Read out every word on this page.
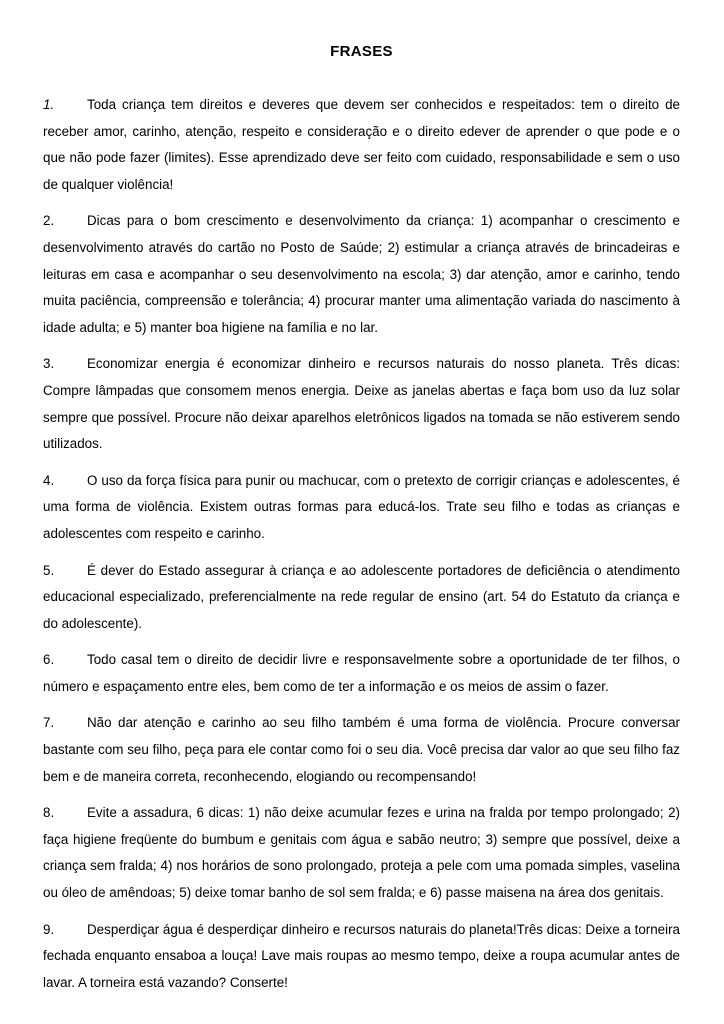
FRASES

1. Toda criança tem direitos e deveres que devem ser conhecidos e respeitados: tem o direito de receber amor, carinho, atenção, respeito e consideração e o direito edever de aprender o que pode e o que não pode fazer (limites). Esse aprendizado deve ser feito com cuidado, responsabilidade e sem o uso de qualquer violência!

2. Dicas para o bom crescimento e desenvolvimento da criança: 1) acompanhar o crescimento e desenvolvimento através do cartão no Posto de Saúde; 2) estimular a criança através de brincadeiras e leituras em casa e acompanhar o seu desenvolvimento na escola; 3) dar atenção, amor e carinho, tendo muita paciência, compreensão e tolerância; 4) procurar manter uma alimentação variada do nascimento à idade adulta; e 5) manter boa higiene na família e no lar.

3. Economizar energia é economizar dinheiro e recursos naturais do nosso planeta. Três dicas: Compre lâmpadas que consomem menos energia. Deixe as janelas abertas e faça bom uso da luz solar sempre que possível. Procure não deixar aparelhos eletrônicos ligados na tomada se não estiverem sendo utilizados.

4. O uso da força física para punir ou machucar, com o pretexto de corrigir crianças e adolescentes, é uma forma de violência. Existem outras formas para educá-los. Trate seu filho e todas as crianças e adolescentes com respeito e carinho.

5. É dever do Estado assegurar à criança e ao adolescente portadores de deficiência o atendimento educacional especializado, preferencialmente na rede regular de ensino (art. 54 do Estatuto da criança e do adolescente).

6. Todo casal tem o direito de decidir livre e responsavelmente sobre a oportunidade de ter filhos, o número e espaçamento entre eles, bem como de ter a informação e os meios de assim o fazer.

7. Não dar atenção e carinho ao seu filho também é uma forma de violência. Procure conversar bastante com seu filho, peça para ele contar como foi o seu dia. Você precisa dar valor ao que seu filho faz bem e de maneira correta, reconhecendo, elogiando ou recompensando!

8. Evite a assadura, 6 dicas: 1) não deixe acumular fezes e urina na fralda por tempo prolongado; 2) faça higiene freqüente do bumbum e genitais com água e sabão neutro; 3) sempre que possível, deixe a criança sem fralda; 4) nos horários de sono prolongado, proteja a pele com uma pomada simples, vaselina ou óleo de amêndoas; 5) deixe tomar banho de sol sem fralda; e 6) passe maisena na área dos genitais.

9. Desperdiçar água é desperdiçar dinheiro e recursos naturais do planeta!Três dicas: Deixe a torneira fechada enquanto ensaboa a louça! Lave mais roupas ao mesmo tempo, deixe a roupa acumular antes de lavar. A torneira está vazando? Conserte!
